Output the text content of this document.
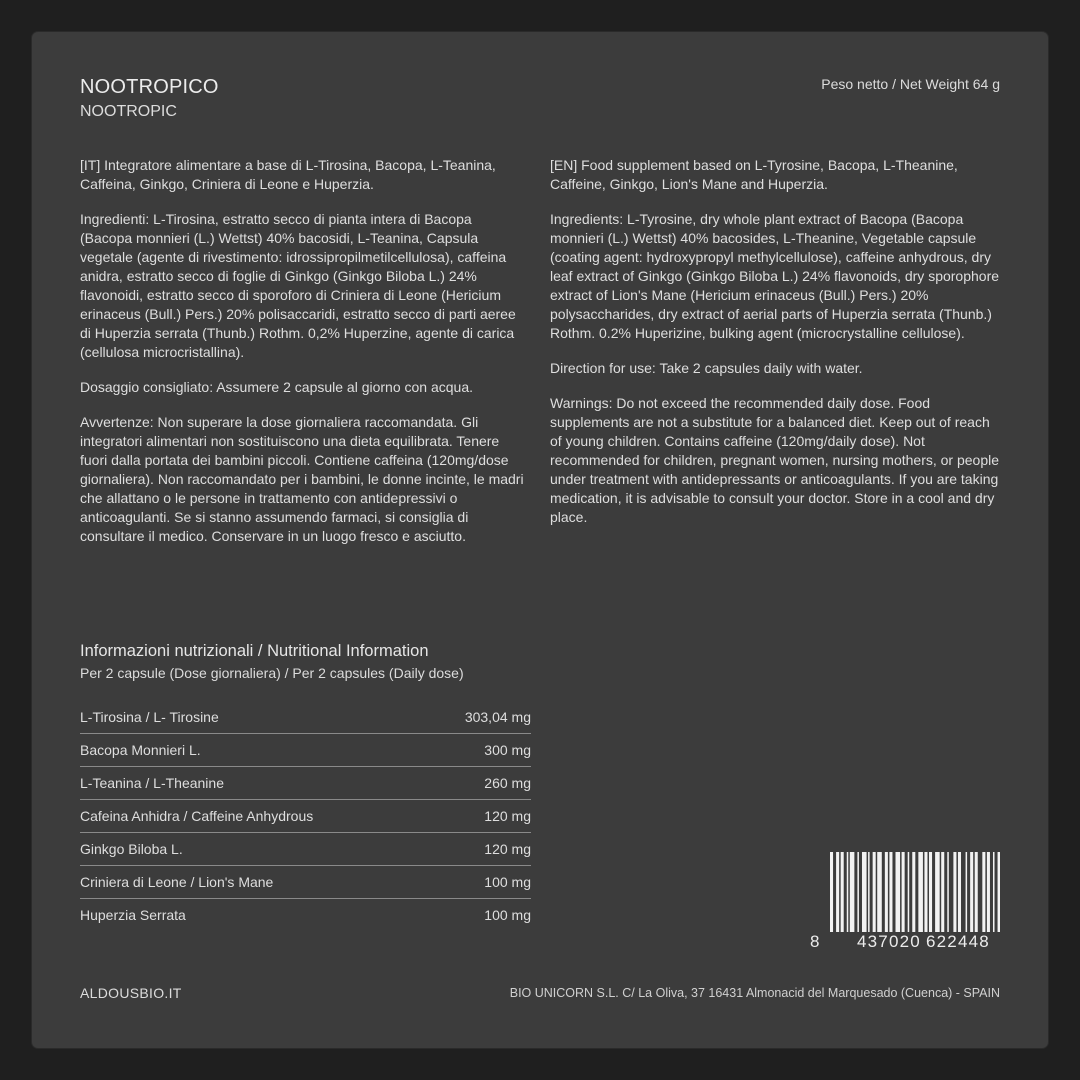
NOOTROPICO
NOOTROPIC
Peso netto / Net Weight 64 g

[IT] Integratore alimentare a base di L-Tirosina, Bacopa, L-Teanina, Caffeina, Ginkgo, Criniera di Leone e Huperzia.

Ingredienti: L-Tirosina, estratto secco di pianta intera di Bacopa (Bacopa monnieri (L.) Wettst) 40% bacosidi, L-Teanina, Capsula vegetale (agente di rivestimento: idrossipropilmetilcellulosa), caffeina anidra, estratto secco di foglie di Ginkgo (Ginkgo Biloba L.) 24% flavonoidi, estratto secco di sporoforo di Criniera di Leone (Hericium erinaceus (Bull.) Pers.) 20% polisaccaridi, estratto secco di parti aeree di Huperzia serrata (Thunb.) Rothm. 0,2% Huperzine, agente di carica (cellulosa microcristallina).

Dosaggio consigliato: Assumere 2 capsule al giorno con acqua.

Avvertenze: Non superare la dose giornaliera raccomandata. Gli integratori alimentari non sostituiscono una dieta equilibrata. Tenere fuori dalla portata dei bambini piccoli. Contiene caffeina (120mg/dose giornaliera). Non raccomandato per i bambini, le donne incinte, le madri che allattano o le persone in trattamento con antidepressivi o anticoagulanti. Se si stanno assumendo farmaci, si consiglia di consultare il medico. Conservare in un luogo fresco e asciutto.

[EN] Food supplement based on L-Tyrosine, Bacopa, L-Theanine, Caffeine, Ginkgo, Lion's Mane and Huperzia.

Ingredients: L-Tyrosine, dry whole plant extract of Bacopa (Bacopa monnieri (L.) Wettst) 40% bacosides, L-Theanine, Vegetable capsule (coating agent: hydroxypropyl methylcellulose), caffeine anhydrous, dry leaf extract of Ginkgo (Ginkgo Biloba L.) 24% flavonoids, dry sporophore extract of Lion's Mane (Hericium erinaceus (Bull.) Pers.) 20% polysaccharides, dry extract of aerial parts of Huperzia serrata (Thunb.) Rothm. 0.2% Huperizine, bulking agent (microcrystalline cellulose).

Direction for use: Take 2 capsules daily with water.

Warnings: Do not exceed the recommended daily dose. Food supplements are not a substitute for a balanced diet. Keep out of reach of young children. Contains caffeine (120mg/daily dose). Not recommended for children, pregnant women, nursing mothers, or people under treatment with antidepressants or anticoagulants. If you are taking medication, it is advisable to consult your doctor. Store in a cool and dry place.

Informazioni nutrizionali / Nutritional Information
Per 2 capsule (Dose giornaliera) / Per 2 capsules (Daily dose)
L-Tirosina / L- Tirosine	303,04 mg
Bacopa Monnieri L.	300 mg
L-Teanina / L-Theanine	260 mg
Cafeina Anhidra / Caffeine Anhydrous	120 mg
Ginkgo Biloba L.	120 mg
Criniera di Leone / Lion's Mane	100 mg
Huperzia Serrata	100 mg
8 437020 622448
ALDOUSBIO.IT	BIO UNICORN S.L. C/ La Oliva, 37 16431 Almonacid del Marquesado (Cuenca) - SPAIN
